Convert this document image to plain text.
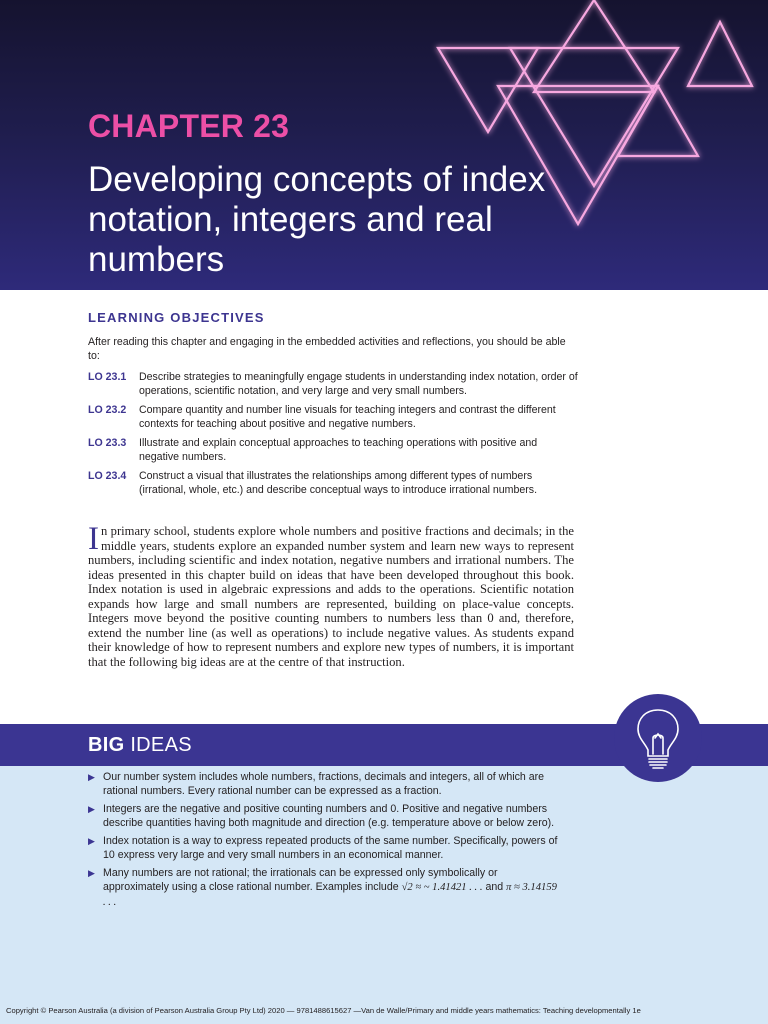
CHAPTER 23
Developing concepts of index notation, integers and real numbers
LEARNING OBJECTIVES
After reading this chapter and engaging in the embedded activities and reflections, you should be able to:
LO 23.1	Describe strategies to meaningfully engage students in understanding index notation, order of operations, scientific notation, and very large and very small numbers.
LO 23.2	Compare quantity and number line visuals for teaching integers and contrast the different contexts for teaching about positive and negative numbers.
LO 23.3	Illustrate and explain conceptual approaches to teaching operations with positive and negative numbers.
LO 23.4	Construct a visual that illustrates the relationships among different types of numbers (irrational, whole, etc.) and describe conceptual ways to introduce irrational numbers.
In primary school, students explore whole numbers and positive fractions and decimals; in the middle years, students explore an expanded number system and learn new ways to represent numbers, including scientific and index notation, negative numbers and irrational numbers. The ideas presented in this chapter build on ideas that have been developed throughout this book. Index notation is used in algebraic expressions and adds to the operations. Scientific notation expands how large and small numbers are represented, building on place-value concepts. Integers move beyond the positive counting numbers to numbers less than 0 and, therefore, extend the number line (as well as operations) to include negative values. As students expand their knowledge of how to represent numbers and explore new types of numbers, it is important that the following big ideas are at the centre of that instruction.
BIG IDEAS
▶ Our number system includes whole numbers, fractions, decimals and integers, all of which are rational numbers. Every rational number can be expressed as a fraction.
▶ Integers are the negative and positive counting numbers and 0. Positive and negative numbers describe quantities having both magnitude and direction (e.g. temperature above or below zero).
▶ Index notation is a way to express repeated products of the same number. Specifically, powers of 10 express very large and very small numbers in an economical manner.
▶ Many numbers are not rational; the irrationals can be expressed only symbolically or approximately using a close rational number. Examples include √2 ≈ ~ 1.41421 . . . and π ≈ 3.14159 . . .
Copyright © Pearson Australia (a division of Pearson Australia Group Pty Ltd) 2020 — 9781488615627 —Van de Walle/Primary and middle years mathematics: Teaching developmentally 1e
